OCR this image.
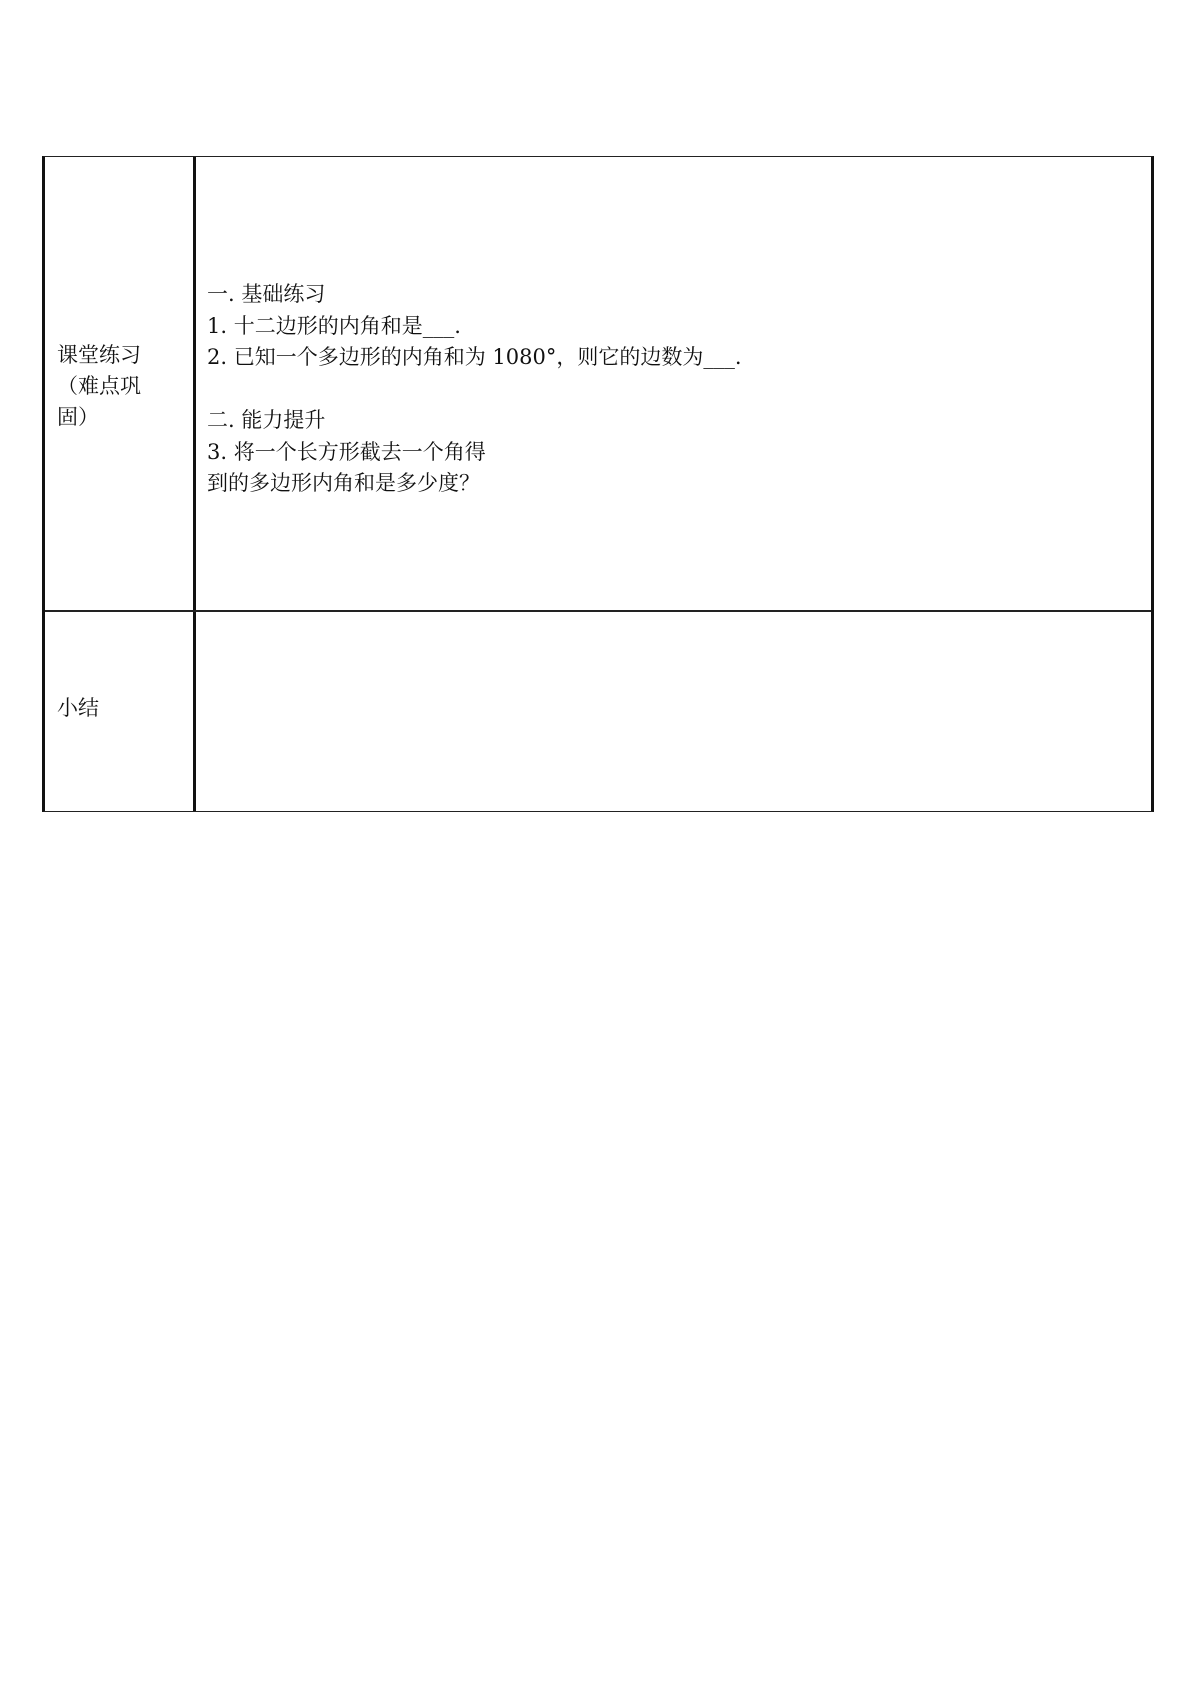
课堂练习
（难点巩
固）
一. 基础练习
1. 十二边形的内角和是___.
2. 已知一个多边形的内角和为 1080°，则它的边数为___.
二. 能力提升
3. 将一个长方形截去一个角得
到的多边形内角和是多少度？
小结
